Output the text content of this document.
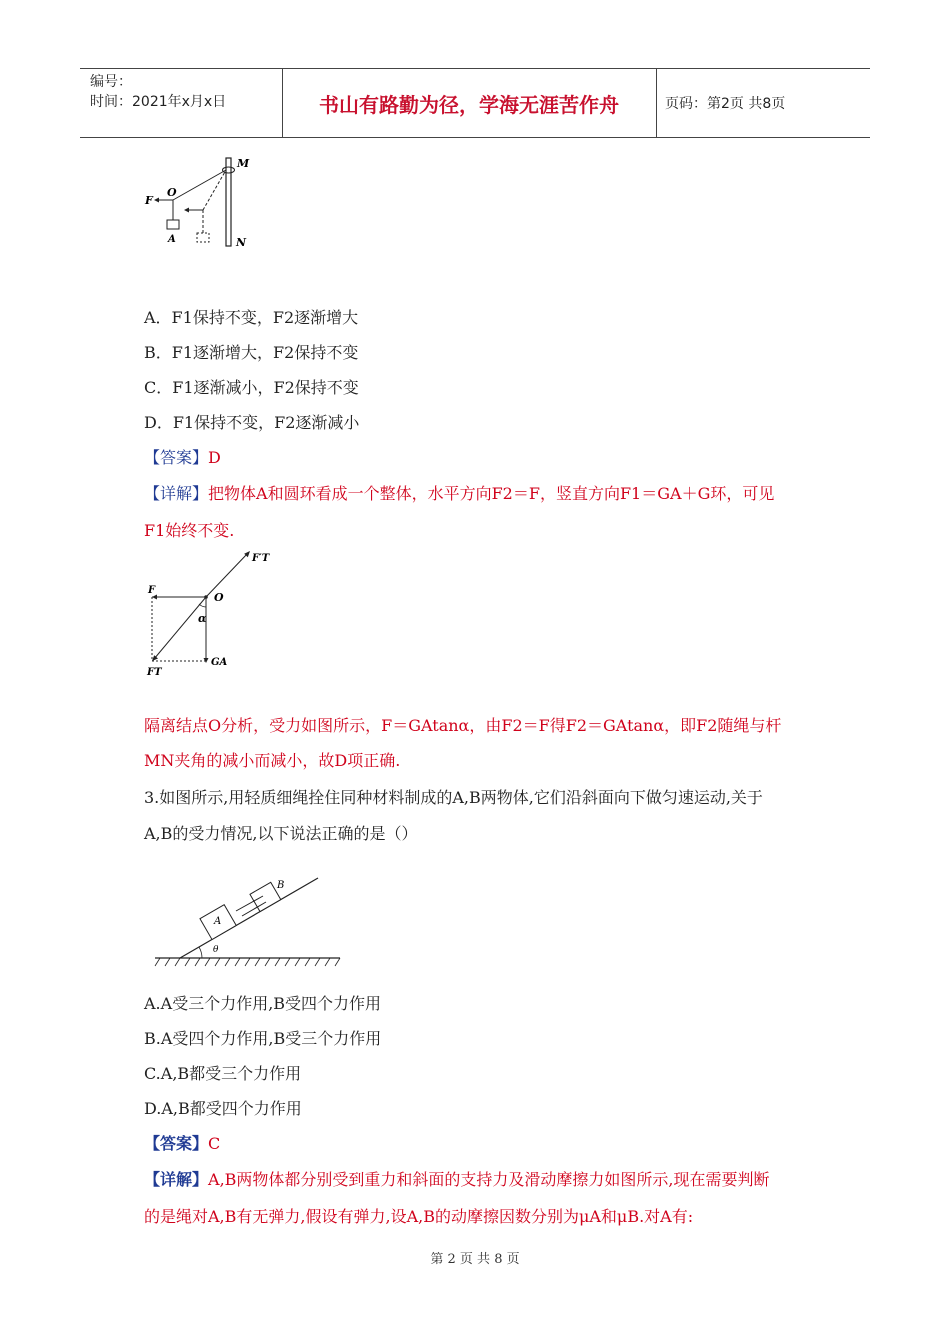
编号：
时间：2021年x月x日	书山有路勤为径，学海无涯苦作舟	页码：第2页 共8页
M
N
F
O
A
A．F1保持不变，F2逐渐增大
B．F1逐渐增大，F2保持不变
C．F1逐渐减小，F2保持不变
D．F1保持不变，F2逐渐减小
【答案】D
【详解】把物体A和圆环看成一个整体，水平方向F2＝F，竖直方向F1＝GA＋G环，可见
F1始终不变.
F′T
F
O
α
FT
GA
隔离结点O分析，受力如图所示，F＝GAtanα，由F2＝F得F2＝GAtanα，即F2随绳与杆
MN夹角的减小而减小，故D项正确.
3.如图所示,用轻质细绳拴住同种材料制成的A,B两物体,它们沿斜面向下做匀速运动,关于
A,B的受力情况,以下说法正确的是（）
A
B
θ
A.A受三个力作用,B受四个力作用
B.A受四个力作用,B受三个力作用
C.A,B都受三个力作用
D.A,B都受四个力作用
【答案】C
【详解】A,B两物体都分别受到重力和斜面的支持力及滑动摩擦力如图所示,现在需要判断
的是绳对A,B有无弹力,假设有弹力,设A,B的动摩擦因数分别为μA和μB.对A有:
第 2 页 共 8 页
